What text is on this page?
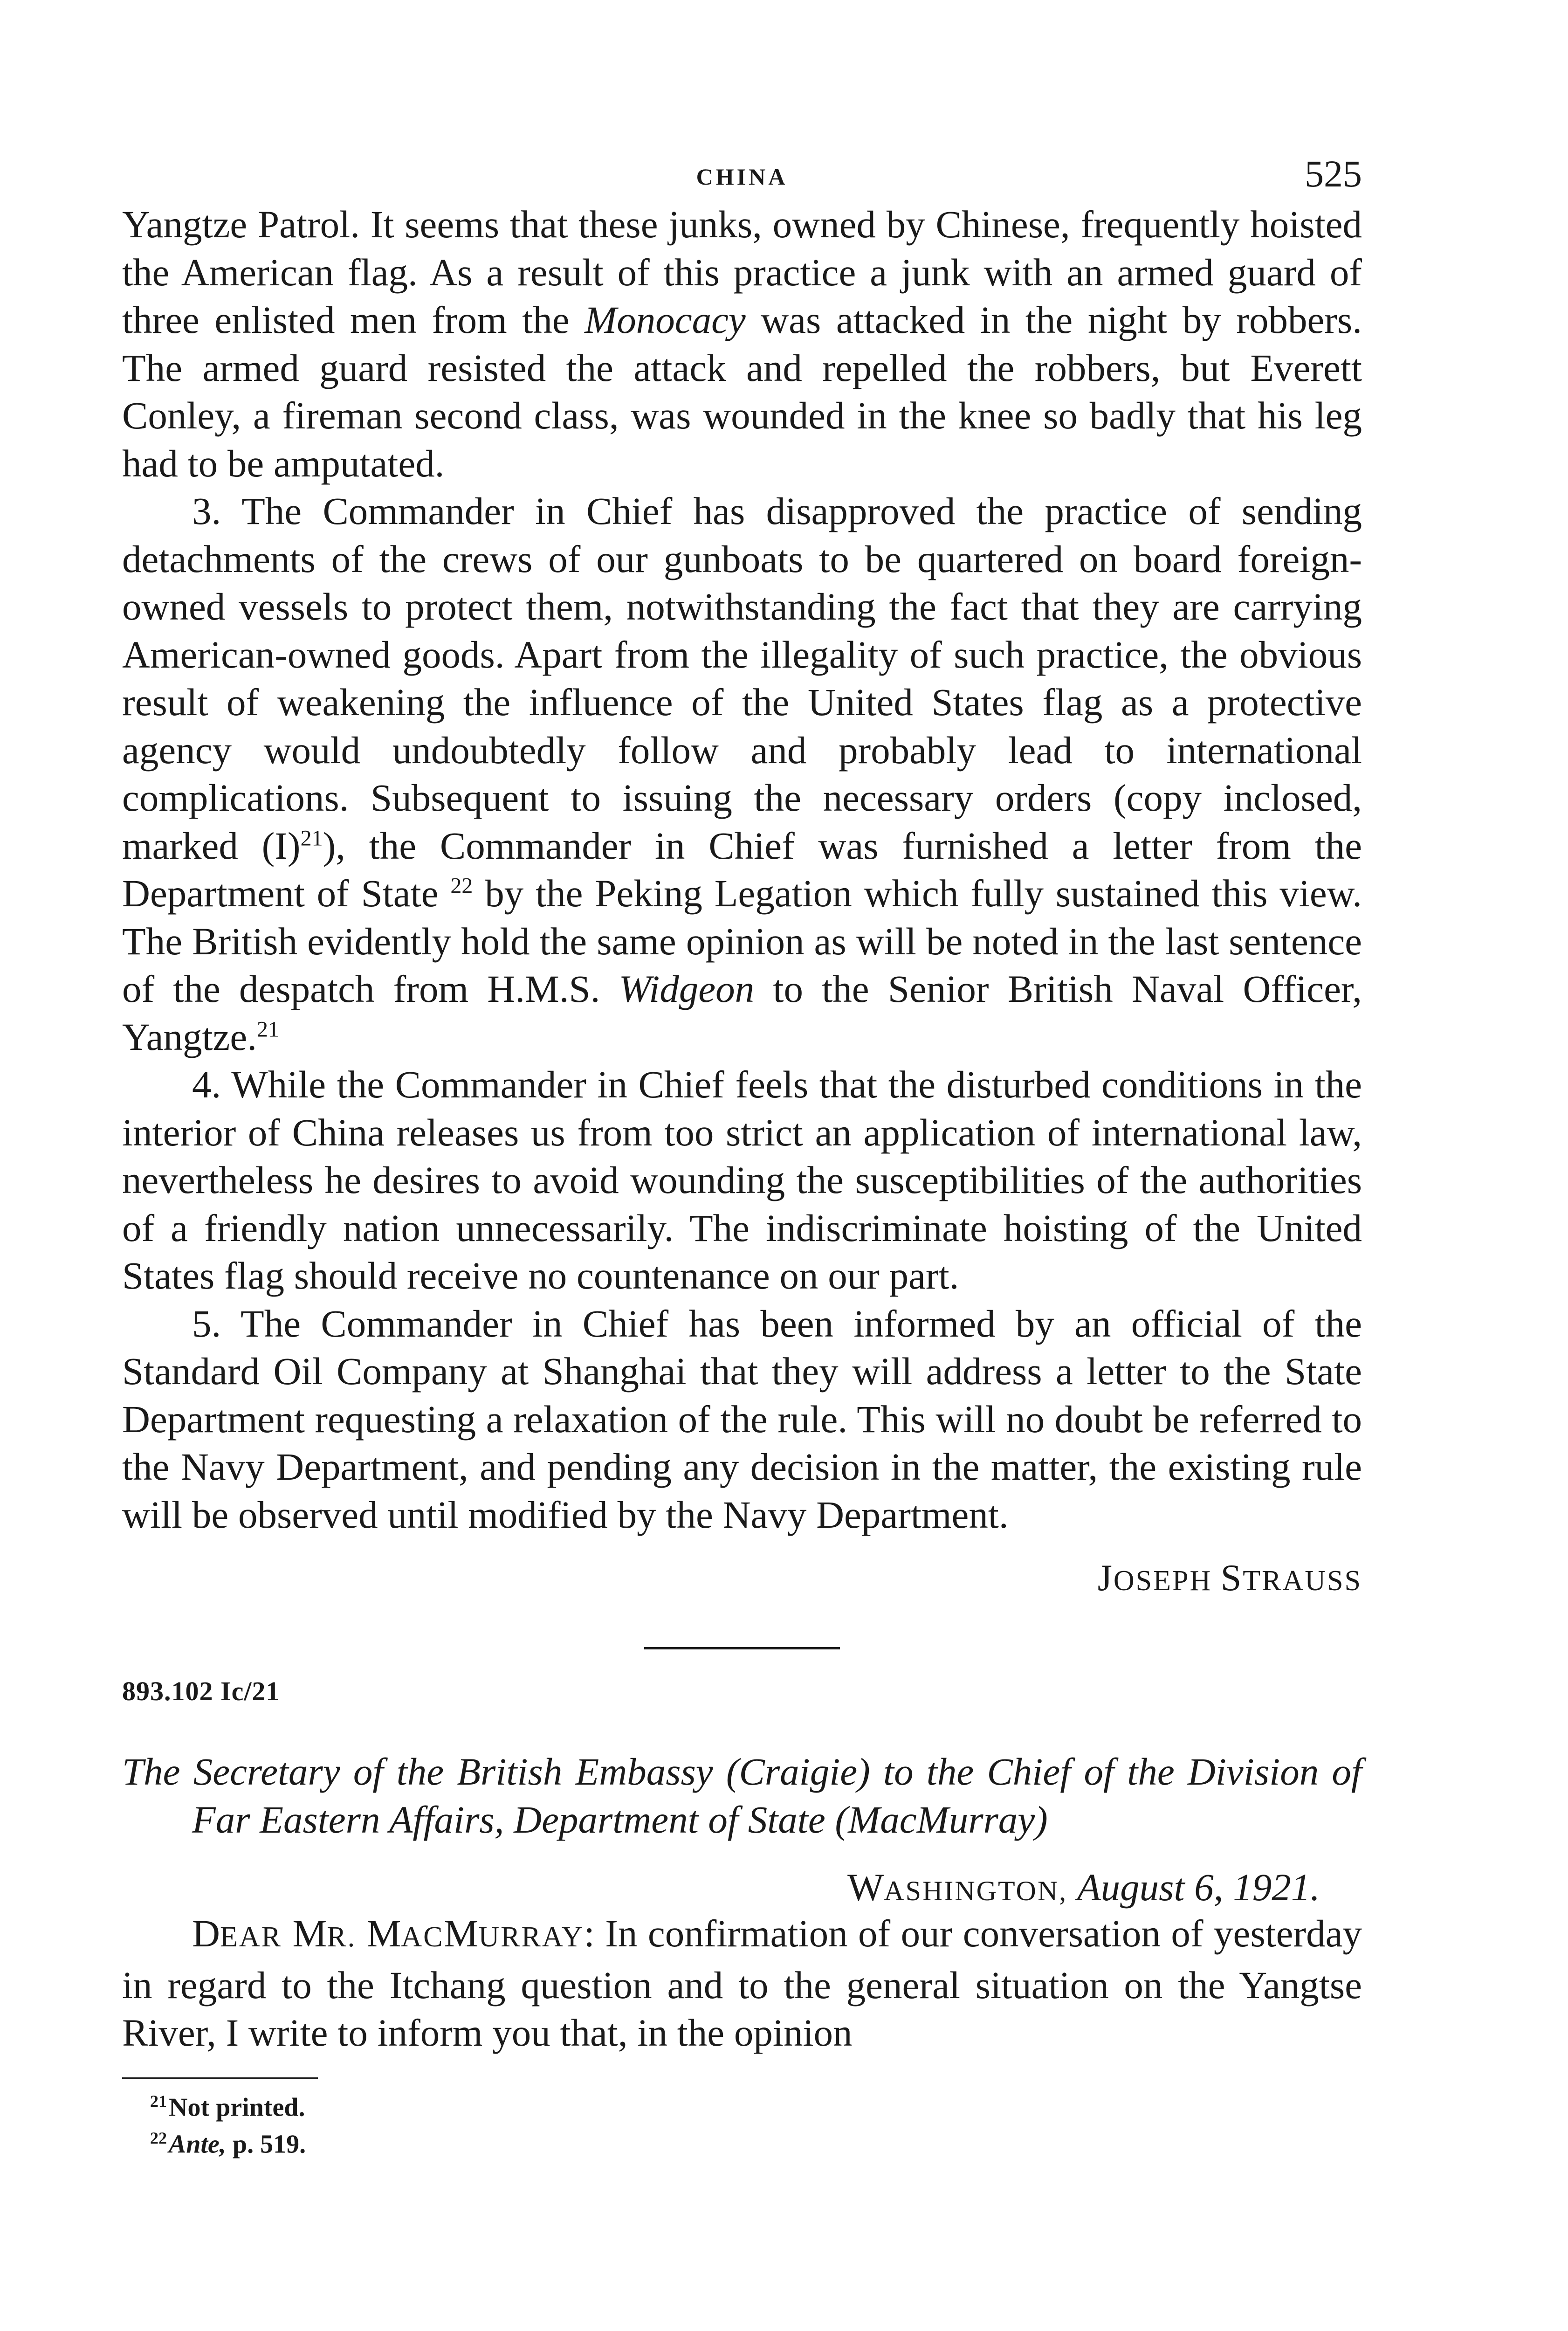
CHINA	525

Yangtze Patrol. It seems that these junks, owned by Chinese, frequently hoisted the American flag. As a result of this practice a junk with an armed guard of three enlisted men from the Monocacy was attacked in the night by robbers. The armed guard resisted the attack and repelled the robbers, but Everett Conley, a fireman second class, was wounded in the knee so badly that his leg had to be amputated.

3. The Commander in Chief has disapproved the practice of sending detachments of the crews of our gunboats to be quartered on board foreign-owned vessels to protect them, notwithstanding the fact that they are carrying American-owned goods. Apart from the illegality of such practice, the obvious result of weakening the influence of the United States flag as a protective agency would undoubtedly follow and probably lead to international complications. Subsequent to issuing the necessary orders (copy inclosed, marked (I)$^{21}$), the Commander in Chief was furnished a letter from the Department of State $^{22}$ by the Peking Legation which fully sustained this view. The British evidently hold the same opinion as will be noted in the last sentence of the despatch from H.M.S. Widgeon to the Senior British Naval Officer, Yangtze.$^{21}$

4. While the Commander in Chief feels that the disturbed conditions in the interior of China releases us from too strict an application of international law, nevertheless he desires to avoid wounding the susceptibilities of the authorities of a friendly nation unnecessarily. The indiscriminate hoisting of the United States flag should receive no countenance on our part.

5. The Commander in Chief has been informed by an official of the Standard Oil Company at Shanghai that they will address a letter to the State Department requesting a relaxation of the rule. This will no doubt be referred to the Navy Department, and pending any decision in the matter, the existing rule will be observed until modified by the Navy Department.

JOSEPH STRAUSS
893.102 Ic/21
The Secretary of the British Embassy (Craigie) to the Chief of the Division of Far Eastern Affairs, Department of State (MacMurray)
WASHINGTON, August 6, 1921.

DEAR MR. MACMURRAY: In confirmation of our conversation of yesterday in regard to the Itchang question and to the general situation on the Yangtse River, I write to inform you that, in the opinion

$^{21}$Not printed.
$^{22}$Ante, p. 519.
